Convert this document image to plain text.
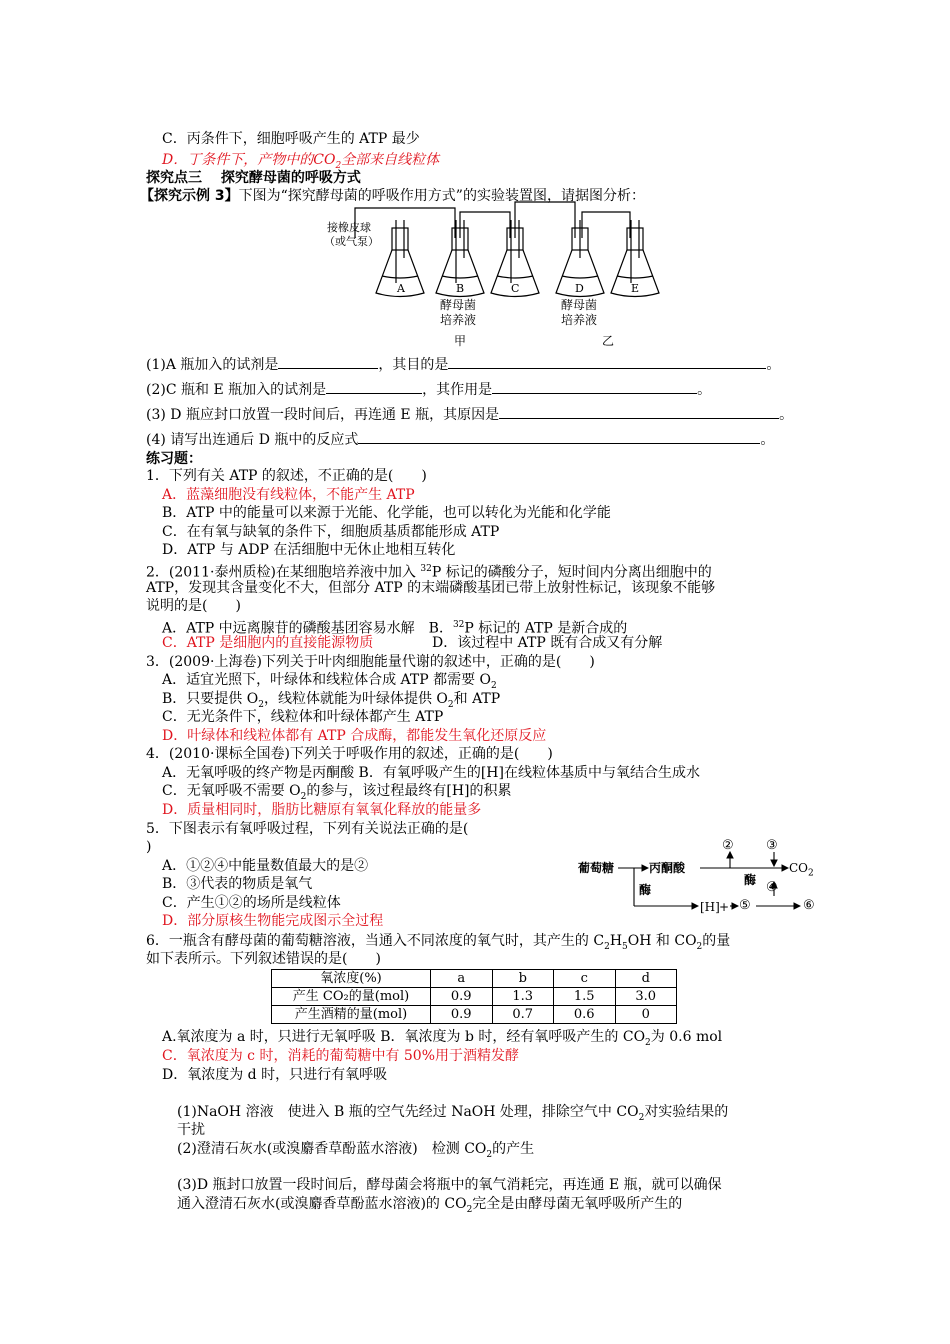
C．丙条件下，细胞呼吸产生的 ATP 最少
D．丁条件下，产物中的$CO_2$全部来自线粒体
探究点三　 探究酵母菌的呼吸方式
【探究示例 3】下图为“探究酵母菌的呼吸作用方式”的实验装置图，请据图分析：
接橡皮球
（或气泵）
A	B	C	D	E
酵母菌
培养液
酵母菌
培养液
甲	乙
(1)A 瓶加入的试剂是	，其目的是	。
(2)C 瓶和 E 瓶加入的试剂是	，其作用是	。
(3) D 瓶应封口放置一段时间后，再连通 E 瓶，其原因是	。
(4) 请写出连通后 D 瓶中的反应式	。
练习题：
1．下列有关 ATP 的叙述，不正确的是(　　)
A．蓝藻细胞没有线粒体，不能产生 ATP
B．ATP 中的能量可以来源于光能、化学能，也可以转化为光能和化学能
C．在有氧与缺氧的条件下，细胞质基质都能形成 ATP
D．ATP 与 ADP 在活细胞中无休止地相互转化
2．(2011·泰州质检)在某细胞培养液中加入 $^{32}$P 标记的磷酸分子，短时间内分离出细胞中的
ATP，发现其含量变化不大，但部分 ATP 的末端磷酸基团已带上放射性标记，该现象不能够
说明的是(　　)
A．ATP 中远离腺苷的磷酸基团容易水解　B．$^{32}$P 标记的 ATP 是新合成的
C．ATP 是细胞内的直接能源物质	D．该过程中 ATP 既有合成又有分解
3．(2009·上海卷)下列关于叶肉细胞能量代谢的叙述中，正确的是(　　)
A．适宜光照下，叶绿体和线粒体合成 ATP 都需要 $O_2$
B．只要提供 $O_2$，线粒体就能为叶绿体提供 $O_2$和 ATP
C．无光条件下，线粒体和叶绿体都产生 ATP
D．叶绿体和线粒体都有 ATP 合成酶，都能发生氧化还原反应
4．(2010·课标全国卷)下列关于呼吸作用的叙述，正确的是(　　)
A．无氧呼吸的终产物是丙酮酸 B．有氧呼吸产生的[H]在线粒体基质中与氧结合生成水
C．无氧呼吸不需要 $O_2$的参与，该过程最终有[H]的积累
D．质量相同时，脂肪比糖原有氧氧化释放的能量多
5．下图表示有氧呼吸过程，下列有关说法正确的是(
)
A．①②④中能量数值最大的是②
B．③代表的物质是氧气
C．产生①②的场所是线粒体
D．部分原核生物能完成图示全过程
葡萄糖	丙酮酸
酶
酶
② ③
④
$CO_2$
[H] + ⑤	⑥
6．一瓶含有酵母菌的葡萄糖溶液，当通入不同浓度的氧气时，其产生的 $C_2H_5OH$ 和 $CO_2$的量
如下表所示。下列叙述错误的是(　　)
氧浓度(%)	a	b	c	d
产生 CO₂的量(mol)	0.9	1.3	1.5	3.0
产生酒精的量(mol)	0.9	0.7	0.6	0
A.氧浓度为 a 时，只进行无氧呼吸 B．氧浓度为 b 时，经有氧呼吸产生的 $CO_2$为 0.6 mol
C．氧浓度为 c 时，消耗的葡萄糖中有 50%用于酒精发酵
D．氧浓度为 d 时，只进行有氧呼吸
(1)NaOH 溶液　使进入 B 瓶的空气先经过 NaOH 处理，排除空气中 $CO_2$对实验结果的
干扰
(2)澄清石灰水(或溴麝香草酚蓝水溶液)　检测 $CO_2$的产生
(3)D 瓶封口放置一段时间后，酵母菌会将瓶中的氧气消耗完，再连通 E 瓶，就可以确保
通入澄清石灰水(或溴麝香草酚蓝水溶液)的 $CO_2$完全是由酵母菌无氧呼吸所产生的
